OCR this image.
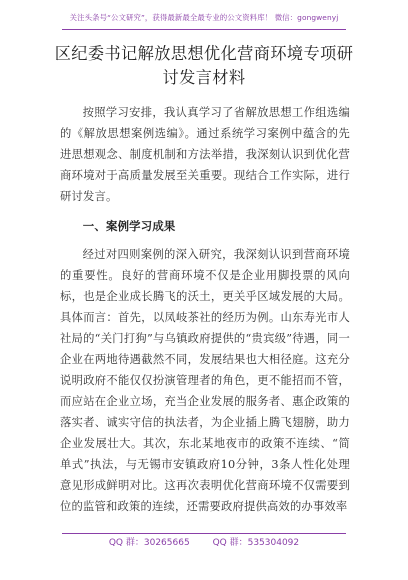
关注头条号“公文研究”，获得最新最全最专业的公文资料库！ 微信：gongwenyj
区纪委书记解放思想优化营商环境专项研讨发言材料

按照学习安排，我认真学习了省解放思想工作组选编的《解放思想案例选编》。通过系统学习案例中蕴含的先进思想观念、制度机制和方法举措，我深刻认识到优化营商环境对于高质量发展至关重要。现结合工作实际，进行研讨发言。

一、案例学习成果

经过对四则案例的深入研究，我深刻认识到营商环境的重要性。良好的营商环境不仅是企业用脚投票的风向标，也是企业成长腾飞的沃土，更关乎区域发展的大局。具体而言：首先，以凤岐茶社的经历为例。山东寿光市人社局的“关门打狗”与乌镇政府提供的“贵宾级”待遇，同一企业在两地待遇截然不同，发展结果也大相径庭。这充分说明政府不能仅仅扮演管理者的角色，更不能招而不管，而应站在企业立场，充当企业发展的服务者、惠企政策的落实者、诚实守信的执法者，为企业插上腾飞翅膀，助力企业发展壮大。其次，东北某地夜市的政策不连续、“简单式”执法，与无锡市安镇政府10分钟，3条人性化处理意见形成鲜明对比。这再次表明优化营商环境不仅需要到位的监管和政策的连续，还需要政府提供高效的办事效率

QQ 群：30265665	QQ 群：535304092
